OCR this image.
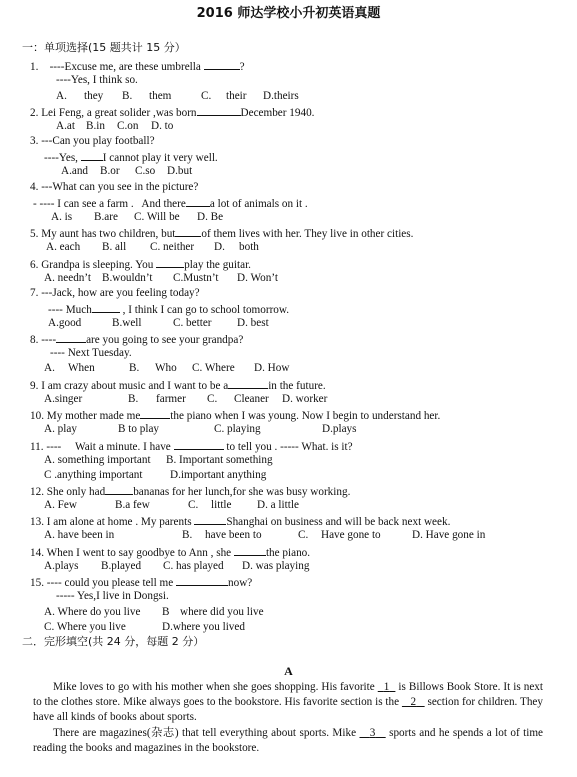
2016 师达学校小升初英语真题
一：单项选择(15 题共计 15 分）
1.    ----Excuse me, are these umbrella	?
----Yes, I think so.
A. they B. them	C. their D.theirs
2. Lei Feng, a great solider ,was born	December 1940.
A.at B.in C.on D. to
3. ---Can you play football?
----Yes, I cannot play it very well.
A.and B.or C.so D.but
4. ---What can you see in the picture?
- ---- I can see a farm .   And there a lot of animals on it .
A. is B.are C. Will be D. Be
5. My aunt has two children, but of them lives with her. They live in other cities.
A. each B. all C. neither D. both
6. Grandpa is sleeping. You	play the guitar.
A. needn’t B.wouldn’t C.Mustn’t D. Won’t
7. ---Jack, how are you feeling today?
---- Much	, I think I can go to school tomorrow.
A.good	B.well	C. better D. best
8. ----	are you going to see your grandpa?
---- Next Tuesday.
A. When	B. Who C. Where D. How
9. I am crazy about music and I want to be a	in the future.
A.singer	B. farmer C. Cleaner D. worker
10. My mother made me	the piano when I was young. Now I begin to understand her.
A. play	B to play	C. playing	D.plays
11. ----     Wait a minute. I have	to tell you . ----- What. is it?
A. something important B. Important something
C .anything important D.important anything
12. She only had	bananas for her lunch,for she was busy working.
A. Few	B.a few	C. little D. a little
13. I am alone at home . My parents	Shanghai on business and will be back next week.
A. have been in	B. have been to	C. Have gone to	D. Have gone in
14. When I went to say goodbye to Ann , she	the piano.
A.plays B.played C. has played D. was playing
15. ---- could you please tell me	now?
----- Yes,I live in Dongsi.
A. Where do you live B where did you live
C. Where you live	D.where you lived
二．完形填空(共 24 分，每题 2 分）
A
Mike loves to go with his mother when she goes shopping. His favorite   1   is Billows Book Store. It is next to the clothes store. Mike always goes to the bookstore. His favorite section is the    2    section for children. They have all kinds of books about sports.
There are magazines(杂志) that tell everything about sports. Mike    3    sports and he spends a lot of time reading the books and magazines in the bookstore.
